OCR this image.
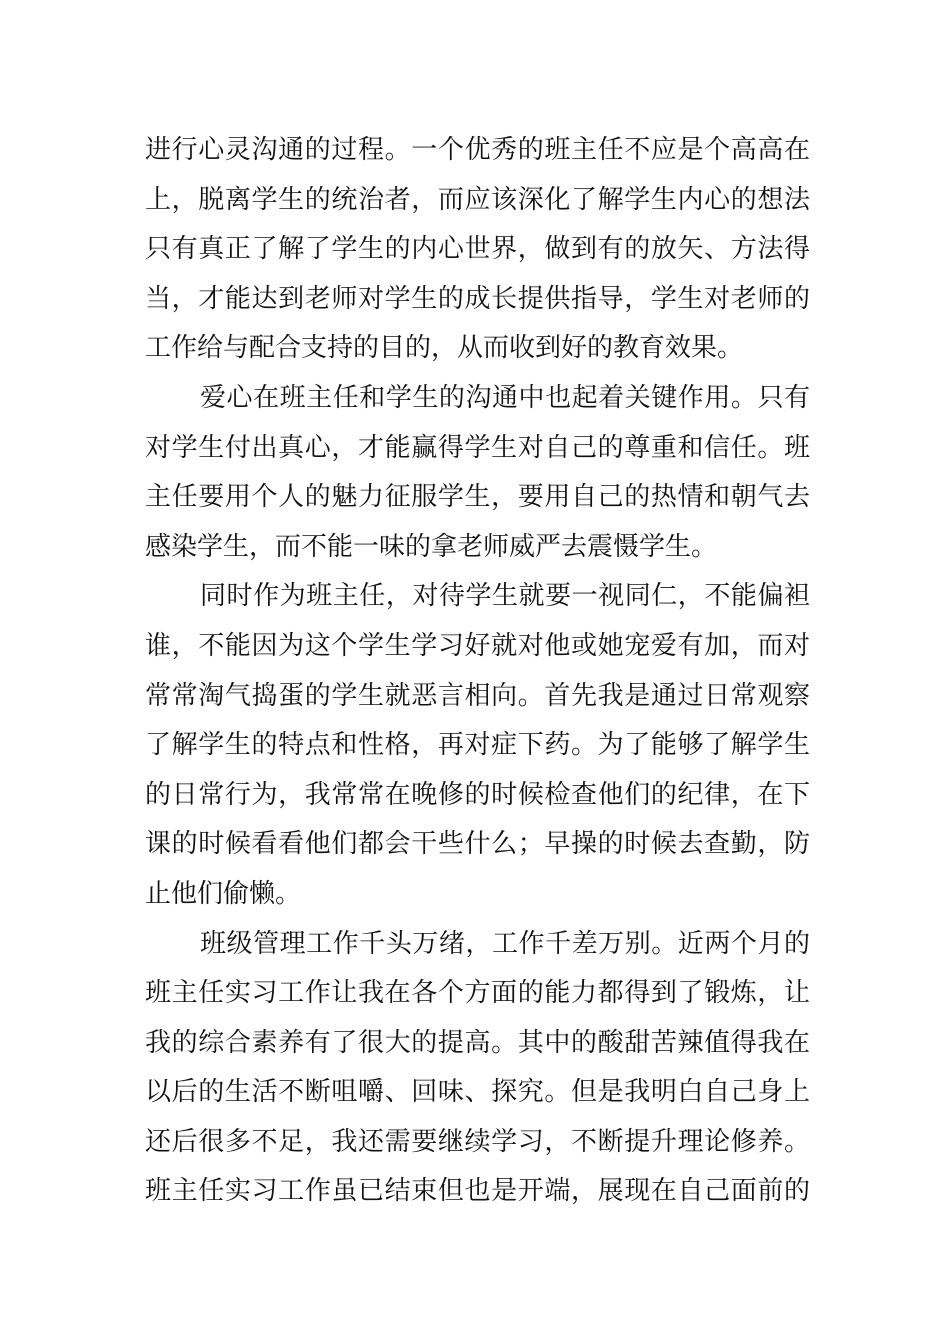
进行心灵沟通的过程。一个优秀的班主任不应是个高高在
上，脱离学生的统治者，而应该深化了解学生内心的想法
只有真正了解了学生的内心世界，做到有的放矢、方法得
当，才能达到老师对学生的成长提供指导，学生对老师的
工作给与配合支持的目的，从而收到好的教育效果。
爱心在班主任和学生的沟通中也起着关键作用。只有
对学生付出真心，才能赢得学生对自己的尊重和信任。班
主任要用个人的魅力征服学生，要用自己的热情和朝气去
感染学生，而不能一味的拿老师威严去震慑学生。
同时作为班主任，对待学生就要一视同仁，不能偏袒
谁，不能因为这个学生学习好就对他或她宠爱有加，而对
常常淘气捣蛋的学生就恶言相向。首先我是通过日常观察
了解学生的特点和性格，再对症下药。为了能够了解学生
的日常行为，我常常在晚修的时候检查他们的纪律，在下
课的时候看看他们都会干些什么；早操的时候去查勤，防
止他们偷懒。
班级管理工作千头万绪，工作千差万别。近两个月的
班主任实习工作让我在各个方面的能力都得到了锻炼，让
我的综合素养有了很大的提高。其中的酸甜苦辣值得我在
以后的生活不断咀嚼、回味、探究。但是我明白自己身上
还后很多不足，我还需要继续学习，不断提升理论修养。
班主任实习工作虽已结束但也是开端，展现在自己面前的
